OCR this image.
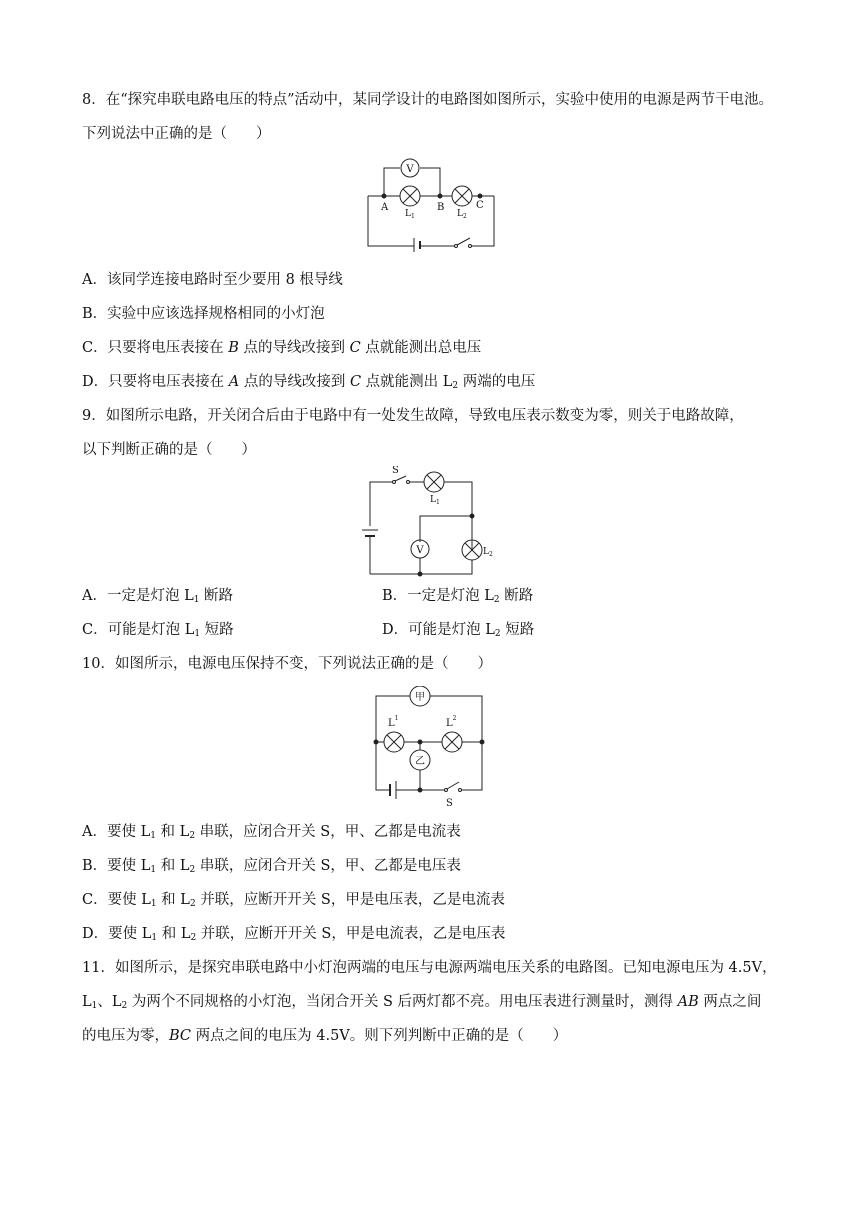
8．在“探究串联电路电压的特点”活动中，某同学设计的电路图如图所示，实验中使用的电源是两节干电池。
下列说法中正确的是（　　）
V
A	B	C
$L_1$	$L_2$
A．该同学连接电路时至少要用 8 根导线
B．实验中应该选择规格相同的小灯泡
C．只要将电压表接在 B 点的导线改接到 C 点就能测出总电压
D．只要将电压表接在 A 点的导线改接到 C 点就能测出 $L_2$ 两端的电压
9．如图所示电路，开关闭合后由于电路中有一处发生故障，导致电压表示数变为零，则关于电路故障，
以下判断正确的是（　　）
V
S
$L_1$
$L_2$
A．一定是灯泡 $L_1$ 断路	B．一定是灯泡 $L_2$ 断路
C．可能是灯泡 $L_1$ 短路	D．可能是灯泡 $L_2$ 短路
10．如图所示，电源电压保持不变，下列说法正确的是（　　）
甲
乙
S
$L^1$	$L^2$
A．要使 $L_1$ 和 $L_2$ 串联，应闭合开关 S，甲、乙都是电流表
B．要使 $L_1$ 和 $L_2$ 串联，应闭合开关 S，甲、乙都是电压表
C．要使 $L_1$ 和 $L_2$ 并联，应断开开关 S，甲是电压表，乙是电流表
D．要使 $L_1$ 和 $L_2$ 并联，应断开开关 S，甲是电流表，乙是电压表
11．如图所示，是探究串联电路中小灯泡两端的电压与电源两端电压关系的电路图。已知电源电压为 4.5V，
$L_1$、$L_2$ 为两个不同规格的小灯泡，当闭合开关 S 后两灯都不亮。用电压表进行测量时，测得 AB 两点之间
的电压为零，BC 两点之间的电压为 4.5V。则下列判断中正确的是（　　）
